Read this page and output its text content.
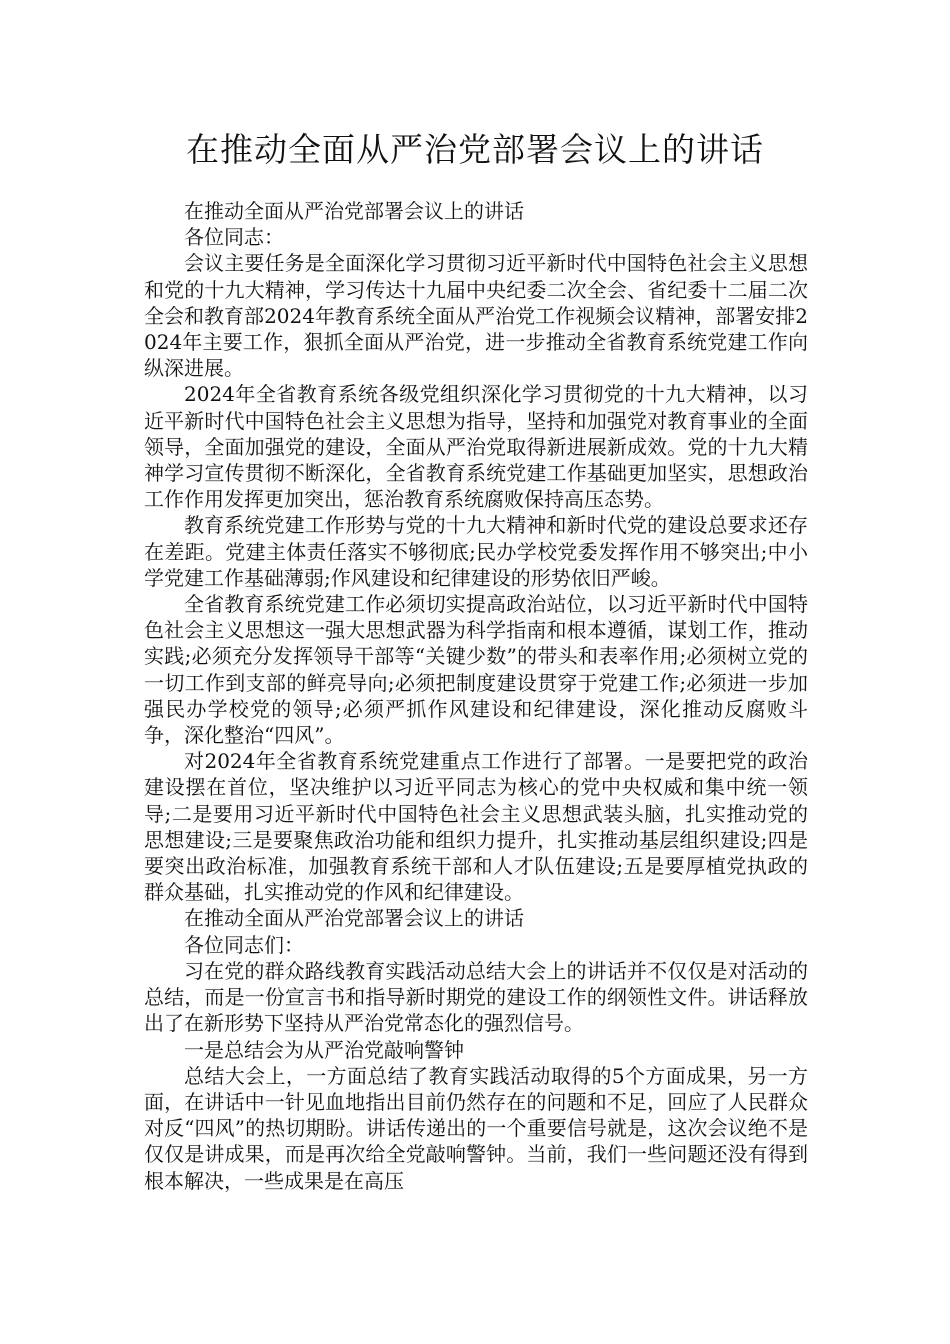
在推动全面从严治党部署会议上的讲话

在推动全面从严治党部署会议上的讲话

各位同志：

会议主要任务是全面深化学习贯彻习近平新时代中国特色社会主义思想和党的十九大精神，学习传达十九届中央纪委二次全会、省纪委十二届二次全会和教育部2024年教育系统全面从严治党工作视频会议精神，部署安排2024年主要工作，狠抓全面从严治党，进一步推动全省教育系统党建工作向纵深进展。

2024年全省教育系统各级党组织深化学习贯彻党的十九大精神，以习近平新时代中国特色社会主义思想为指导，坚持和加强党对教育事业的全面领导，全面加强党的建设，全面从严治党取得新进展新成效。党的十九大精神学习宣传贯彻不断深化，全省教育系统党建工作基础更加坚实，思想政治工作作用发挥更加突出，惩治教育系统腐败保持高压态势。

教育系统党建工作形势与党的十九大精神和新时代党的建设总要求还存在差距。党建主体责任落实不够彻底;民办学校党委发挥作用不够突出;中小学党建工作基础薄弱;作风建设和纪律建设的形势依旧严峻。

全省教育系统党建工作必须切实提高政治站位，以习近平新时代中国特色社会主义思想这一强大思想武器为科学指南和根本遵循，谋划工作，推动实践;必须充分发挥领导干部等“关键少数”的带头和表率作用;必须树立党的一切工作到支部的鲜亮导向;必须把制度建设贯穿于党建工作;必须进一步加强民办学校党的领导;必须严抓作风建设和纪律建设，深化推动反腐败斗争，深化整治“四风”。

对2024年全省教育系统党建重点工作进行了部署。一是要把党的政治建设摆在首位，坚决维护以习近平同志为核心的党中央权威和集中统一领导;二是要用习近平新时代中国特色社会主义思想武装头脑，扎实推动党的思想建设;三是要聚焦政治功能和组织力提升，扎实推动基层组织建设;四是要突出政治标准，加强教育系统干部和人才队伍建设;五是要厚植党执政的群众基础，扎实推动党的作风和纪律建设。

在推动全面从严治党部署会议上的讲话

各位同志们：

习在党的群众路线教育实践活动总结大会上的讲话并不仅仅是对活动的总结，而是一份宣言书和指导新时期党的建设工作的纲领性文件。讲话释放出了在新形势下坚持从严治党常态化的强烈信号。

一是总结会为从严治党敲响警钟

总结大会上，一方面总结了教育实践活动取得的5个方面成果，另一方面，在讲话中一针见血地指出目前仍然存在的问题和不足，回应了人民群众对反“四风”的热切期盼。讲话传递出的一个重要信号就是，这次会议绝不是仅仅是讲成果，而是再次给全党敲响警钟。当前，我们一些问题还没有得到根本解决，一些成果是在高压
